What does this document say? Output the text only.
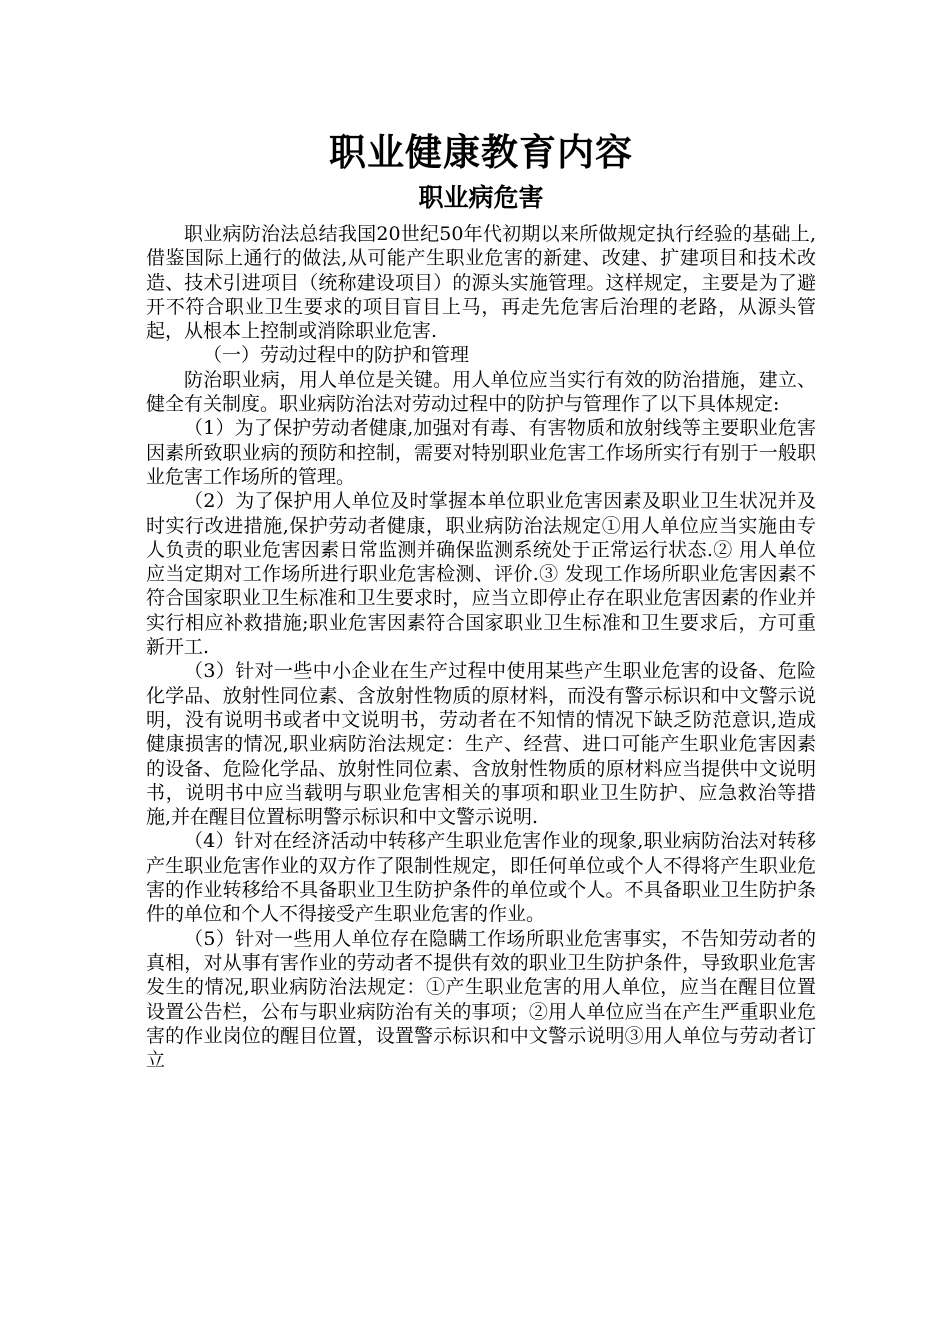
职业健康教育内容
职业病危害

职业病防治法总结我国20世纪50年代初期以来所做规定执行经验的基础上,借鉴国际上通行的做法,从可能产生职业危害的新建、改建、扩建项目和技术改造、技术引进项目（统称建设项目）的源头实施管理。这样规定，主要是为了避开不符合职业卫生要求的项目盲目上马，再走先危害后治理的老路，从源头管起，从根本上控制或消除职业危害.

（一）劳动过程中的防护和管理

防治职业病，用人单位是关键。用人单位应当实行有效的防治措施，建立、健全有关制度。职业病防治法对劳动过程中的防护与管理作了以下具体规定:

（1）为了保护劳动者健康,加强对有毒、有害物质和放射线等主要职业危害因素所致职业病的预防和控制，需要对特别职业危害工作场所实行有别于一般职业危害工作场所的管理。

（2）为了保护用人单位及时掌握本单位职业危害因素及职业卫生状况并及时实行改进措施,保护劳动者健康，职业病防治法规定①用人单位应当实施由专人负责的职业危害因素日常监测并确保监测系统处于正常运行状态.② 用人单位应当定期对工作场所进行职业危害检测、评价.③ 发现工作场所职业危害因素不符合国家职业卫生标准和卫生要求时，应当立即停止存在职业危害因素的作业并实行相应补救措施;职业危害因素符合国家职业卫生标准和卫生要求后，方可重新开工.

（3）针对一些中小企业在生产过程中使用某些产生职业危害的设备、危险化学品、放射性同位素、含放射性物质的原材料，而没有警示标识和中文警示说明，没有说明书或者中文说明书，劳动者在不知情的情况下缺乏防范意识,造成健康损害的情况,职业病防治法规定：生产、经营、进口可能产生职业危害因素的设备、危险化学品、放射性同位素、含放射性物质的原材料应当提供中文说明书，说明书中应当载明与职业危害相关的事项和职业卫生防护、应急救治等措施,并在醒目位置标明警示标识和中文警示说明.

（4）针对在经济活动中转移产生职业危害作业的现象,职业病防治法对转移产生职业危害作业的双方作了限制性规定，即任何单位或个人不得将产生职业危害的作业转移给不具备职业卫生防护条件的单位或个人。不具备职业卫生防护条件的单位和个人不得接受产生职业危害的作业。

（5）针对一些用人单位存在隐瞒工作场所职业危害事实，不告知劳动者的真相，对从事有害作业的劳动者不提供有效的职业卫生防护条件，导致职业危害发生的情况,职业病防治法规定：①产生职业危害的用人单位，应当在醒目位置设置公告栏，公布与职业病防治有关的事项；②用人单位应当在产生严重职业危害的作业岗位的醒目位置，设置警示标识和中文警示说明③用人单位与劳动者订立
